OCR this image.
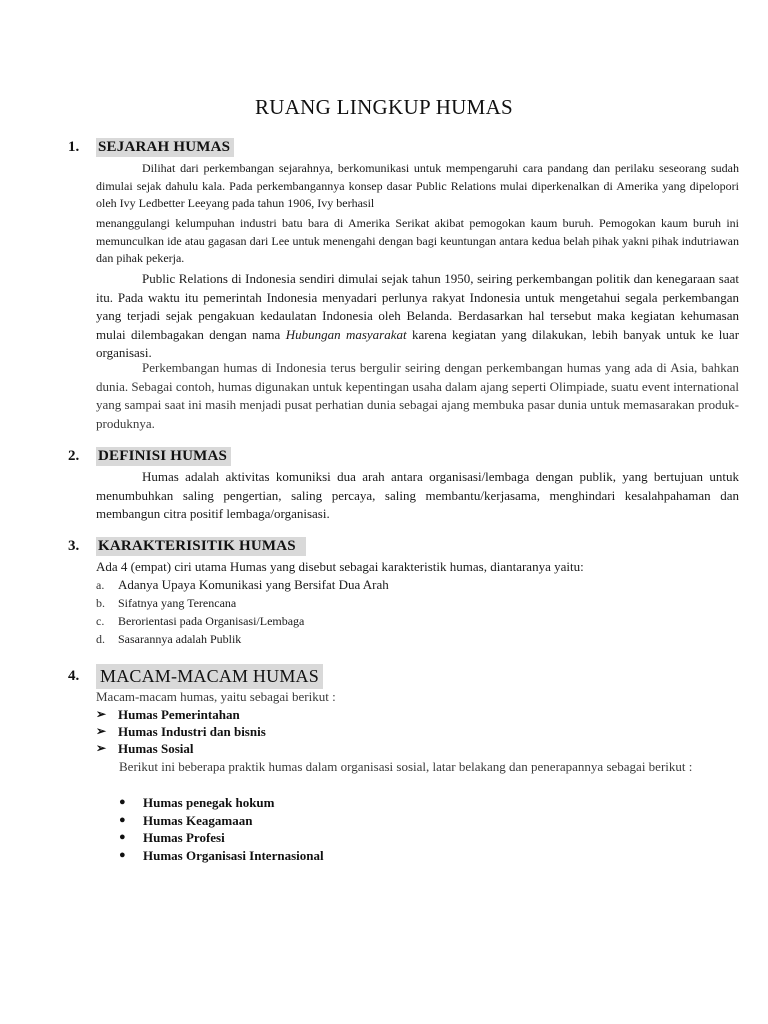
RUANG LINGKUP HUMAS
1.	SEJARAH HUMAS
Dilihat dari perkembangan sejarahnya, berkomunikasi untuk mempengaruhi cara pandang dan perilaku seseorang sudah dimulai sejak dahulu kala. Pada perkembangannya konsep dasar Public Relations mulai diperkenalkan di Amerika yang dipelopori oleh Ivy Ledbetter Leeyang pada tahun 1906, Ivy berhasil
menanggulangi kelumpuhan industri batu bara di Amerika Serikat akibat pemogokan kaum buruh. Pemogokan kaum buruh ini memunculkan ide atau gagasan dari Lee untuk menengahi dengan bagi keuntungan antara kedua belah pihak yakni pihak indutriawan dan pihak pekerja.
Public Relations di Indonesia sendiri dimulai sejak tahun 1950, seiring perkembangan politik dan kenegaraan saat itu. Pada waktu itu pemerintah Indonesia menyadari perlunya rakyat Indonesia untuk mengetahui segala perkembangan yang terjadi sejak pengakuan kedaulatan Indonesia oleh Belanda. Berdasarkan hal tersebut maka kegiatan kehumasan mulai dilembagakan dengan nama Hubungan masyarakat karena kegiatan yang dilakukan, lebih banyak untuk ke luar organisasi.
Perkembangan humas di Indonesia terus bergulir seiring dengan perkembangan humas yang ada di Asia, bahkan dunia. Sebagai contoh, humas digunakan untuk kepentingan usaha dalam ajang seperti Olimpiade, suatu event international yang sampai saat ini masih menjadi pusat perhatian dunia sebagai ajang membuka pasar dunia untuk memasarakan produk-produknya.
2.	DEFINISI HUMAS
Humas adalah aktivitas komuniksi dua arah antara organisasi/lembaga dengan publik, yang bertujuan untuk menumbuhkan saling pengertian, saling percaya, saling membantu/kerjasama, menghindari kesalahpahaman dan membangun citra positif lembaga/organisasi.
3.	KARAKTERISITIK HUMAS
Ada 4 (empat) ciri utama Humas yang disebut sebagai karakteristik humas, diantaranya yaitu:
a.	Adanya Upaya Komunikasi yang Bersifat Dua Arah
b.	Sifatnya yang Terencana
c.	Berorientasi pada Organisasi/Lembaga
d.	Sasarannya adalah Publik
4.	MACAM-MACAM HUMAS
Macam-macam humas, yaitu sebagai berikut :
➢ Humas Pemerintahan
➢ Humas Industri dan bisnis
➢ Humas Sosial
Berikut ini beberapa praktik humas dalam organisasi sosial, latar belakang dan penerapannya sebagai berikut :
●	Humas penegak hokum
●	Humas Keagamaan
●	Humas Profesi
●	Humas Organisasi Internasional
